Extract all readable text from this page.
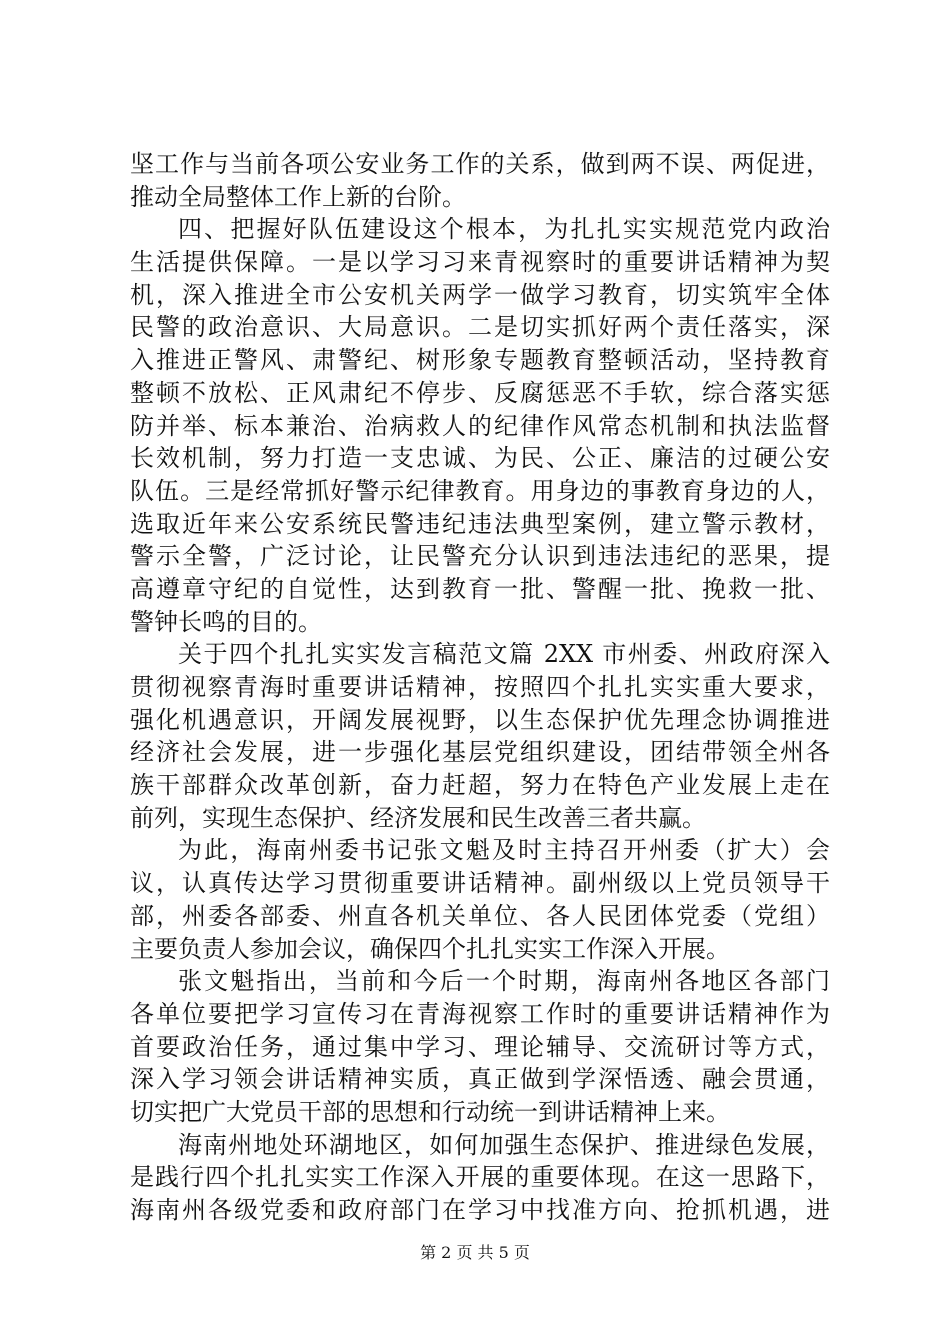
坚工作与当前各项公安业务工作的关系，做到两不误、两促进，
推动全局整体工作上新的台阶。
四、把握好队伍建设这个根本，为扎扎实实规范党内政治
生活提供保障。一是以学习习来青视察时的重要讲话精神为契
机，深入推进全市公安机关两学一做学习教育，切实筑牢全体
民警的政治意识、大局意识。二是切实抓好两个责任落实，深
入推进正警风、肃警纪、树形象专题教育整顿活动，坚持教育
整顿不放松、正风肃纪不停步、反腐惩恶不手软，综合落实惩
防并举、标本兼治、治病救人的纪律作风常态机制和执法监督
长效机制，努力打造一支忠诚、为民、公正、廉洁的过硬公安
队伍。三是经常抓好警示纪律教育。用身边的事教育身边的人，
选取近年来公安系统民警违纪违法典型案例，建立警示教材，
警示全警，广泛讨论，让民警充分认识到违法违纪的恶果，提
高遵章守纪的自觉性，达到教育一批、警醒一批、挽救一批、
警钟长鸣的目的。
关于四个扎扎实实发言稿范文篇 2XX 市州委、州政府深入
贯彻视察青海时重要讲话精神，按照四个扎扎实实重大要求，
强化机遇意识，开阔发展视野，以生态保护优先理念协调推进
经济社会发展，进一步强化基层党组织建设，团结带领全州各
族干部群众改革创新，奋力赶超，努力在特色产业发展上走在
前列，实现生态保护、经济发展和民生改善三者共赢。
为此，海南州委书记张文魁及时主持召开州委（扩大）会
议，认真传达学习贯彻重要讲话精神。副州级以上党员领导干
部，州委各部委、州直各机关单位、各人民团体党委（党组）
主要负责人参加会议，确保四个扎扎实实工作深入开展。
张文魁指出，当前和今后一个时期，海南州各地区各部门
各单位要把学习宣传习在青海视察工作时的重要讲话精神作为
首要政治任务，通过集中学习、理论辅导、交流研讨等方式，
深入学习领会讲话精神实质，真正做到学深悟透、融会贯通，
切实把广大党员干部的思想和行动统一到讲话精神上来。
海南州地处环湖地区，如何加强生态保护、推进绿色发展，
是践行四个扎扎实实工作深入开展的重要体现。在这一思路下，
海南州各级党委和政府部门在学习中找准方向、抢抓机遇，进
第 2 页 共 5 页
